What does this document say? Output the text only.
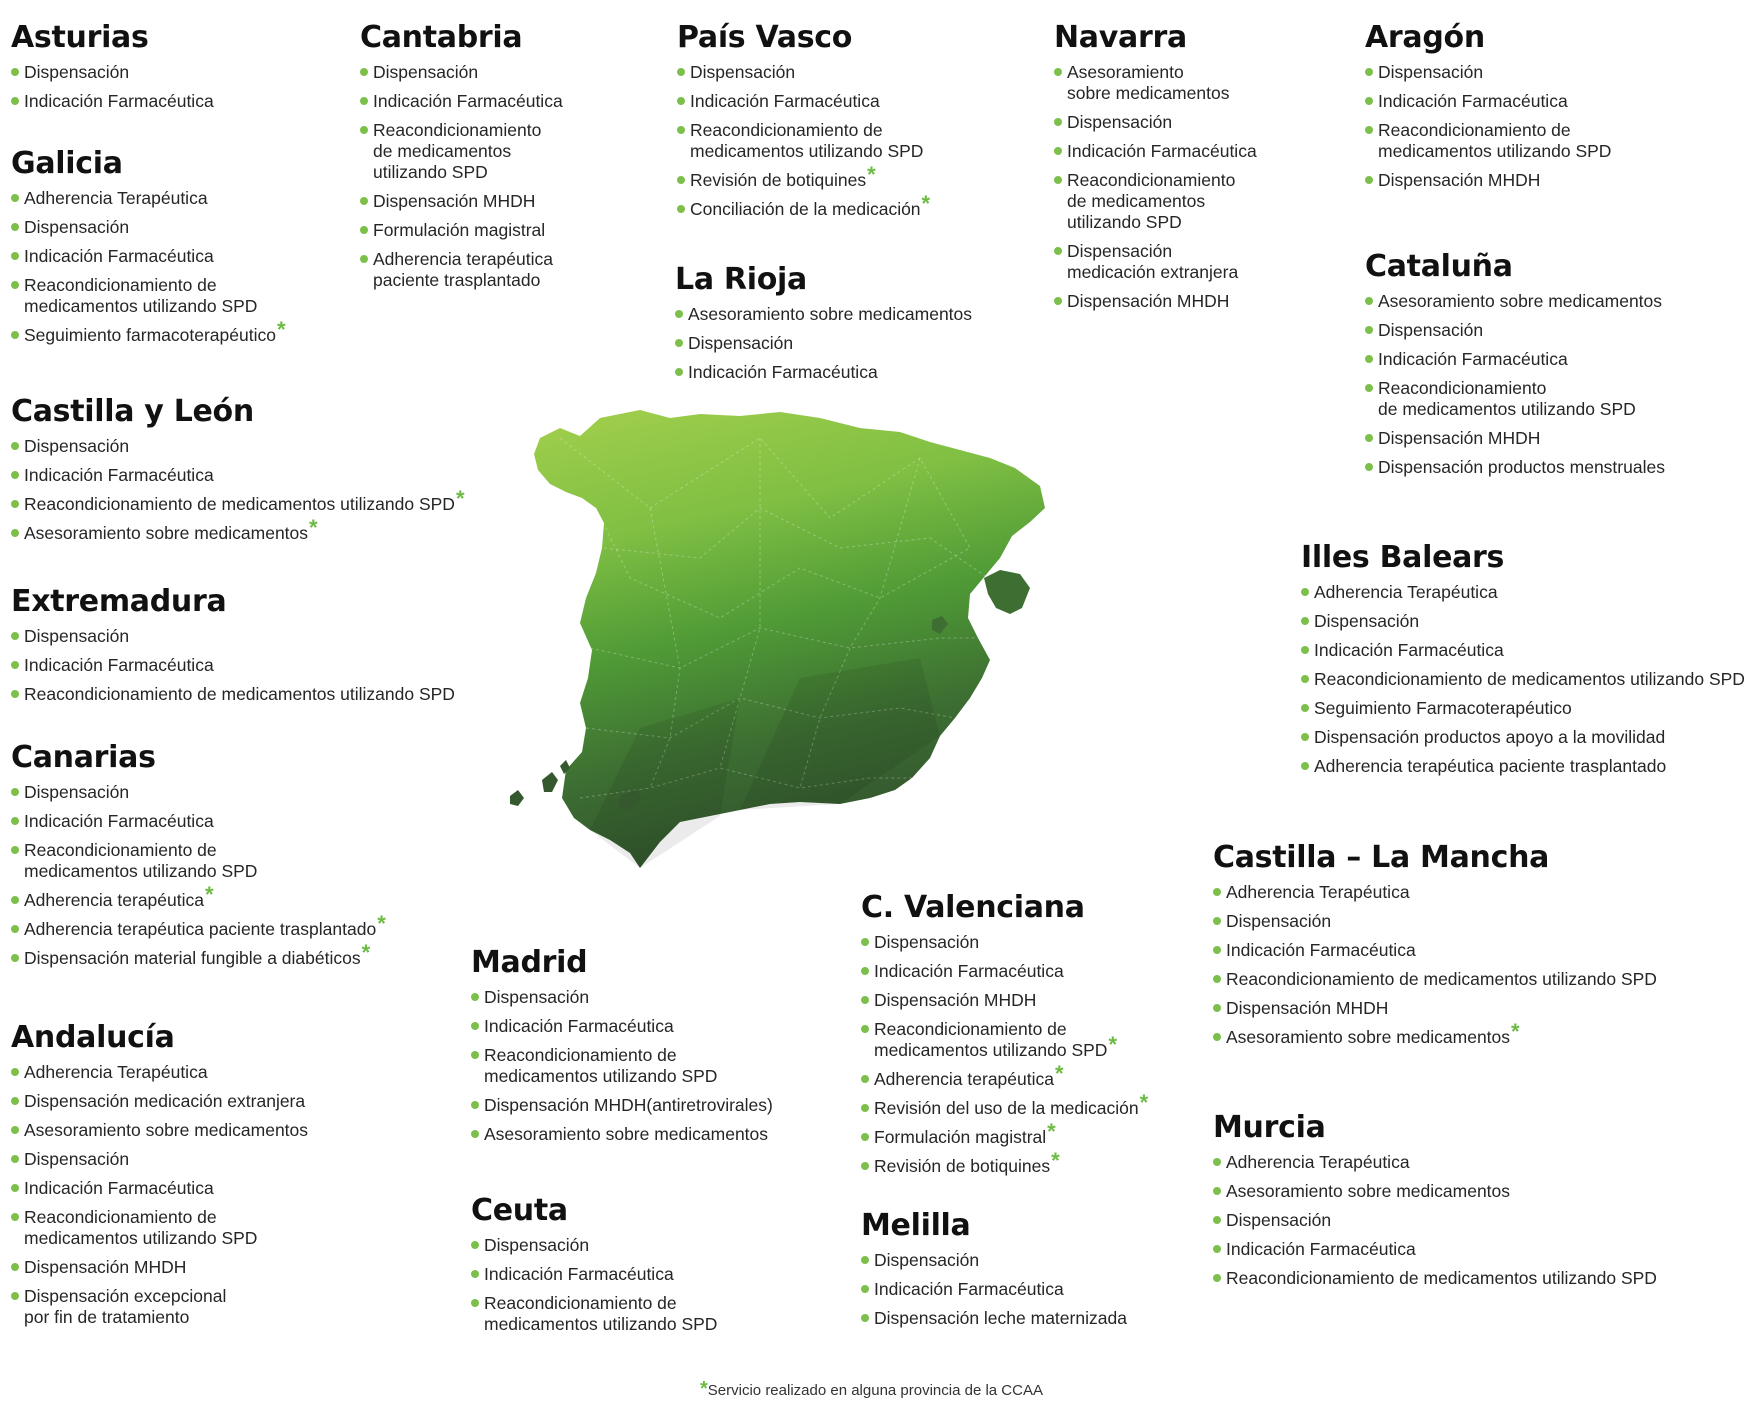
Asturias
Dispensación
Indicación Farmacéutica
Galicia
Adherencia Terapéutica
Dispensación
Indicación Farmacéutica
Reacondicionamiento de
medicamentos utilizando SPD
Seguimiento farmacoterapéutico*
Castilla y León
Dispensación
Indicación Farmacéutica
Reacondicionamiento de medicamentos utilizando SPD*
Asesoramiento sobre medicamentos*
Extremadura
Dispensación
Indicación Farmacéutica
Reacondicionamiento de medicamentos utilizando SPD
Canarias
Dispensación
Indicación Farmacéutica
Reacondicionamiento de
medicamentos utilizando SPD
Adherencia terapéutica*
Adherencia terapéutica paciente trasplantado*
Dispensación material fungible a diabéticos*
Andalucía
Adherencia Terapéutica
Dispensación medicación extranjera
Asesoramiento sobre medicamentos
Dispensación
Indicación Farmacéutica
Reacondicionamiento de
medicamentos utilizando SPD
Dispensación MHDH
Dispensación excepcional
por fin de tratamiento
Cantabria
Dispensación
Indicación Farmacéutica
Reacondicionamiento
de medicamentos
utilizando SPD
Dispensación MHDH
Formulación magistral
Adherencia terapéutica
paciente trasplantado
País Vasco
Dispensación
Indicación Farmacéutica
Reacondicionamiento de
medicamentos utilizando SPD
Revisión de botiquines*
Conciliación de la medicación*
La Rioja
Asesoramiento sobre medicamentos
Dispensación
Indicación Farmacéutica
Navarra
Asesoramiento
sobre medicamentos
Dispensación
Indicación Farmacéutica
Reacondicionamiento
de medicamentos
utilizando SPD
Dispensación
medicación extranjera
Dispensación MHDH
Aragón
Dispensación
Indicación Farmacéutica
Reacondicionamiento de
medicamentos utilizando SPD
Dispensación MHDH
Cataluña
Asesoramiento sobre medicamentos
Dispensación
Indicación Farmacéutica
Reacondicionamiento
de medicamentos utilizando SPD
Dispensación MHDH
Dispensación productos menstruales
Illes Balears
Adherencia Terapéutica
Dispensación
Indicación Farmacéutica
Reacondicionamiento de medicamentos utilizando SPD
Seguimiento Farmacoterapéutico
Dispensación productos apoyo a la movilidad
Adherencia terapéutica paciente trasplantado
Castilla – La Mancha
Adherencia Terapéutica
Dispensación
Indicación Farmacéutica
Reacondicionamiento de medicamentos utilizando SPD
Dispensación MHDH
Asesoramiento sobre medicamentos*
Murcia
Adherencia Terapéutica
Asesoramiento sobre medicamentos
Dispensación
Indicación Farmacéutica
Reacondicionamiento de medicamentos utilizando SPD
C. Valenciana
Dispensación
Indicación Farmacéutica
Dispensación MHDH
Reacondicionamiento de
medicamentos utilizando SPD*
Adherencia terapéutica*
Revisión del uso de la medicación*
Formulación magistral*
Revisión de botiquines*
Melilla
Dispensación
Indicación Farmacéutica
Dispensación leche maternizada
Madrid
Dispensación
Indicación Farmacéutica
Reacondicionamiento de
medicamentos utilizando SPD
Dispensación MHDH(antiretrovirales)
Asesoramiento sobre medicamentos
Ceuta
Dispensación
Indicación Farmacéutica
Reacondicionamiento de
medicamentos utilizando SPD
*Servicio realizado en alguna provincia de la CCAA
